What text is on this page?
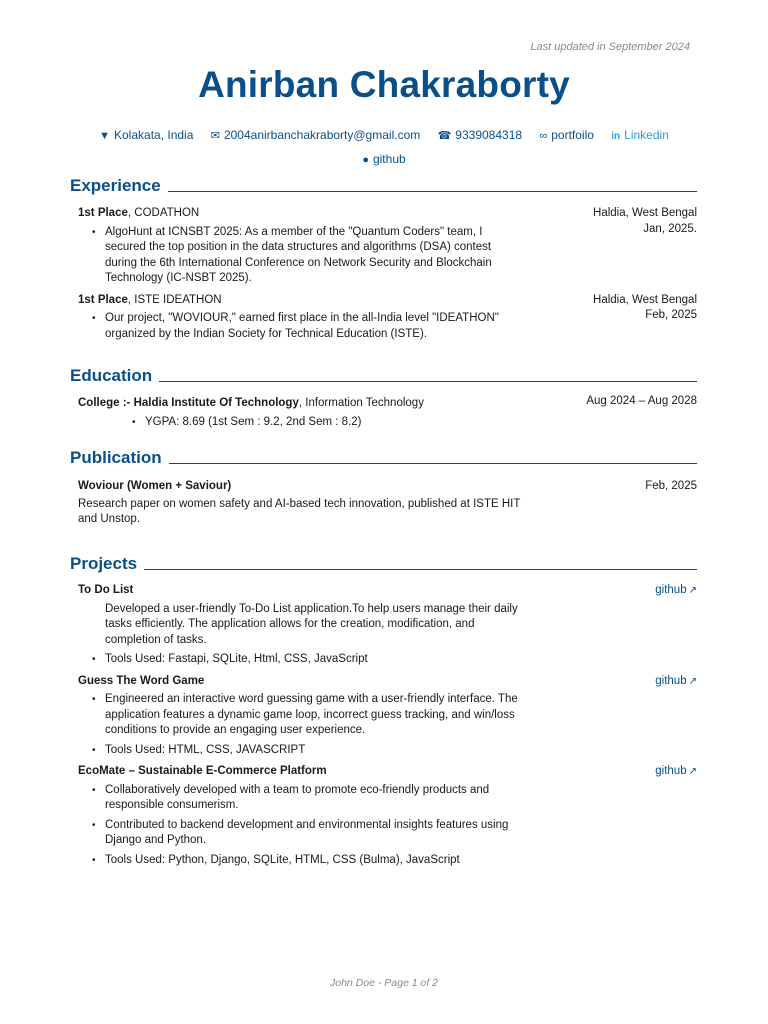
Last updated in September 2024
Anirban Chakraborty
▼ Kolakata, India ✉ 2004anirbanchakraborty@gmail.com ☎ 9339084318 ∞ portfoilo in Linkedin
● github
Experience
1st Place, CODATHON	Haldia, West Bengal
Jan, 2025.
• AlgoHunt at ICNSBT 2025: As a member of the "Quantum Coders" team, I secured the top position in the data structures and algorithms (DSA) contest during the 6th International Conference on Network Security and Blockchain Technology (IC-NSBT 2025).
1st Place, ISTE IDEATHON	Haldia, West Bengal
Feb, 2025
• Our project, "WOVIOUR," earned first place in the all-India level "IDEATHON" organized by the Indian Society for Technical Education (ISTE).
Education
College :- Haldia Institute Of Technology, Information Technology	Aug 2024 – Aug 2028
• YGPA: 8.69 (1st Sem : 9.2, 2nd Sem : 8.2)
Publication
Woviour (Women + Saviour)	Feb, 2025
Research paper on women safety and AI-based tech innovation, published at ISTE HIT and Unstop.
Projects
To Do List	github ↗
Developed a user-friendly To-Do List application.To help users manage their daily tasks efficiently. The application allows for the creation, modification, and completion of tasks.
• Tools Used: Fastapi, SQLite, Html, CSS, JavaScript
Guess The Word Game	github ↗
• Engineered an interactive word guessing game with a user-friendly interface. The application features a dynamic game loop, incorrect guess tracking, and win/loss conditions to provide an engaging user experience.
• Tools Used: HTML, CSS, JAVASCRIPT
EcoMate – Sustainable E-Commerce Platform	github ↗
• Collaboratively developed with a team to promote eco-friendly products and responsible consumerism.
• Contributed to backend development and environmental insights features using Django and Python.
• Tools Used: Python, Django, SQLite, HTML, CSS (Bulma), JavaScript
John Doe - Page 1 of 2
